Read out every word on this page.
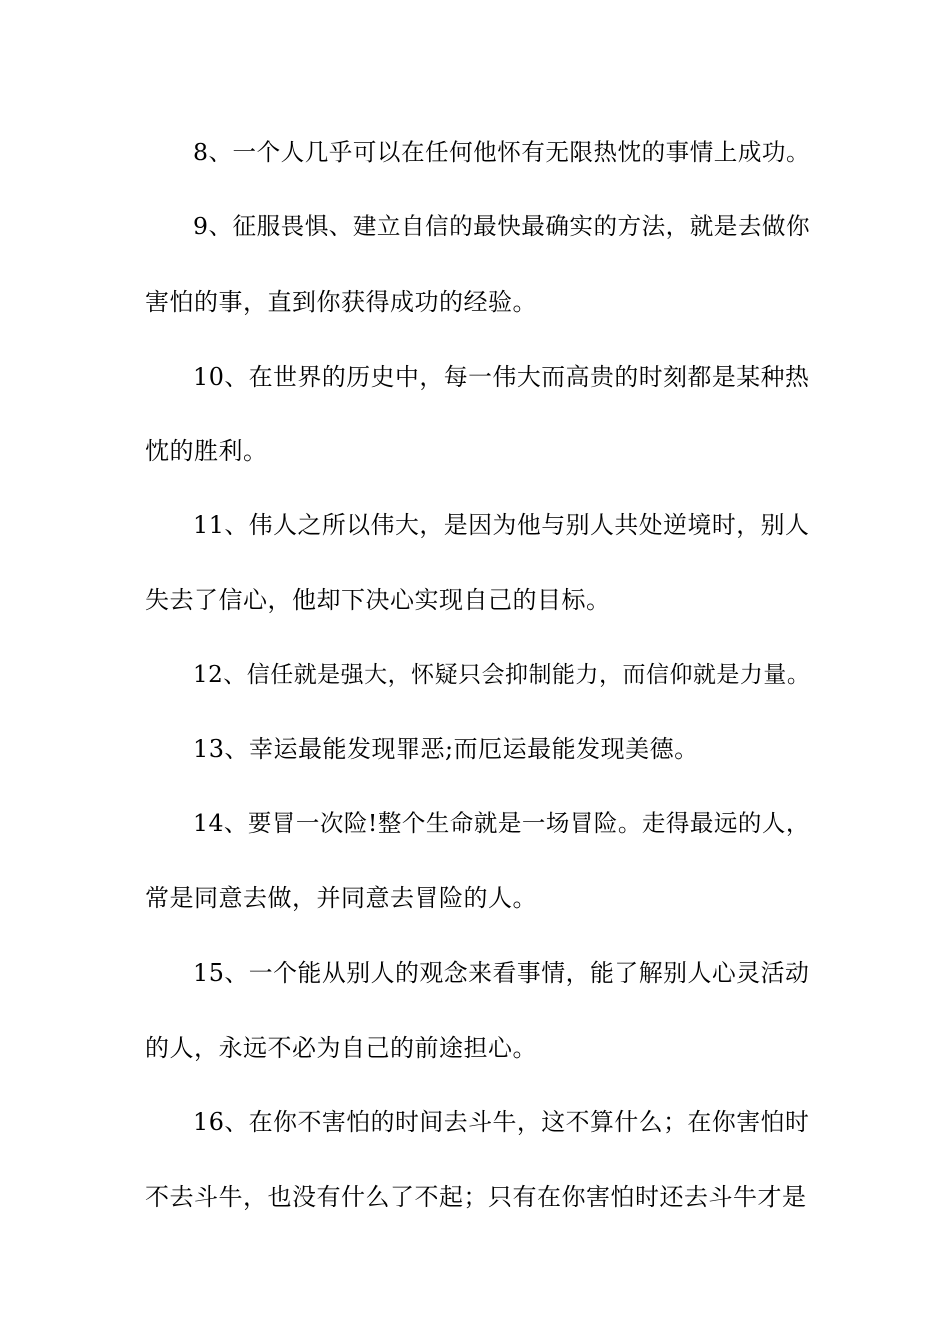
8、一个人几乎可以在任何他怀有无限热忱的事情上成功。
9、征服畏惧、建立自信的最快最确实的方法，就是去做你
害怕的事，直到你获得成功的经验。
10、在世界的历史中，每一伟大而高贵的时刻都是某种热
忱的胜利。
11、伟人之所以伟大，是因为他与别人共处逆境时，别人
失去了信心，他却下决心实现自己的目标。
12、信任就是强大，怀疑只会抑制能力，而信仰就是力量。
13、幸运最能发现罪恶;而厄运最能发现美德。
14、要冒一次险!整个生命就是一场冒险。走得最远的人，
常是同意去做，并同意去冒险的人。
15、一个能从别人的观念来看事情，能了解别人心灵活动
的人，永远不必为自己的前途担心。
16、在你不害怕的时间去斗牛，这不算什么；在你害怕时
不去斗牛，也没有什么了不起；只有在你害怕时还去斗牛才是
